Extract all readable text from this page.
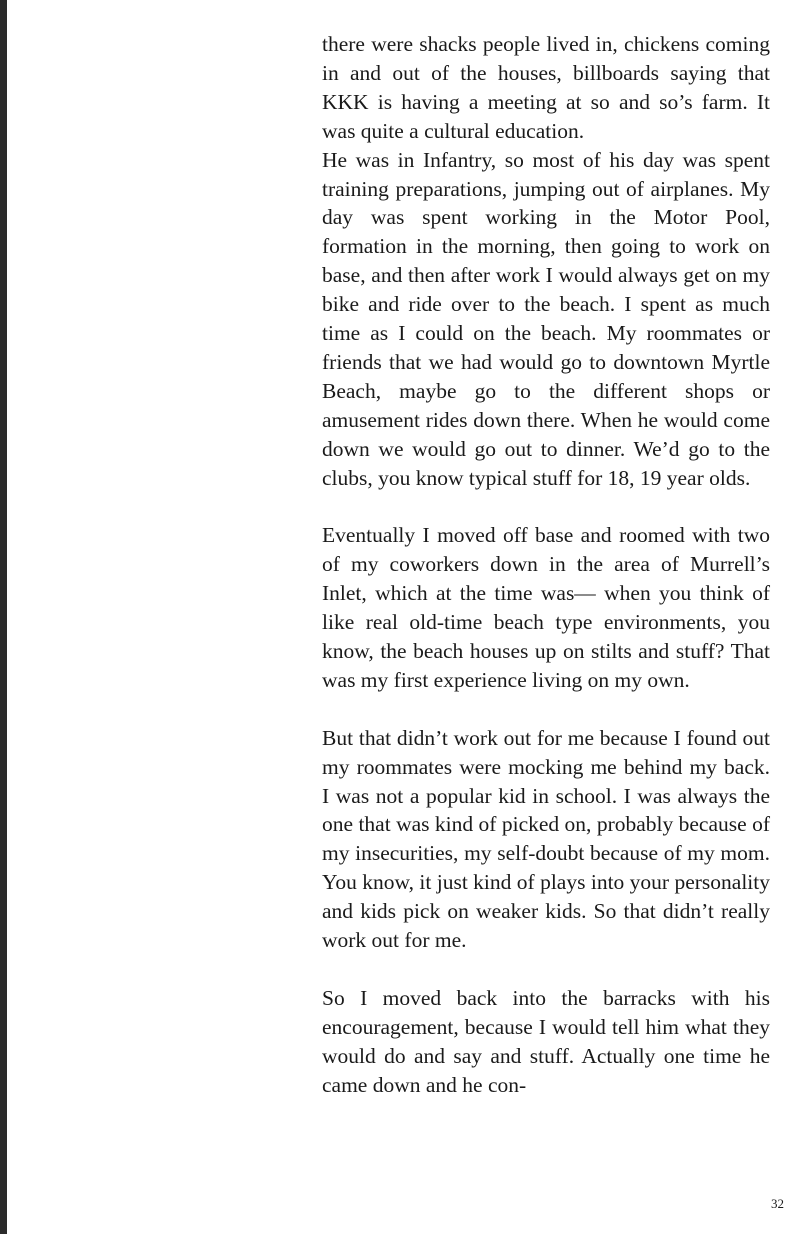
there were shacks people lived in, chickens coming in and out of the houses, billboards saying that KKK is having a meeting at so and so’s farm. It was quite a cultural education.

He was in Infantry, so most of his day was spent training preparations, jumping out of airplanes. My day was spent working in the Motor Pool, formation in the morning, then going to work on base, and then after work I would always get on my bike and ride over to the beach. I spent as much time as I could on the beach. My roommates or friends that we had would go to downtown Myrtle Beach, maybe go to the different shops or amusement rides down there. When he would come down we would go out to dinner. We’d go to the clubs, you know typical stuff for 18, 19 year olds.

Eventually I moved off base and roomed with two of my coworkers down in the area of Murrell’s Inlet, which at the time was— when you think of like real old-time beach type environments, you know, the beach houses up on stilts and stuff? That was my first experience living on my own.

But that didn’t work out for me because I found out my roommates were mocking me behind my back. I was not a popular kid in school. I was always the one that was kind of picked on, probably because of my insecurities, my self-doubt because of my mom. You know, it just kind of plays into your personality and kids pick on weaker kids. So that didn’t really work out for me.

So I moved back into the barracks with his encouragement, because I would tell him what they would do and say and stuff. Actually one time he came down and he con-

32
